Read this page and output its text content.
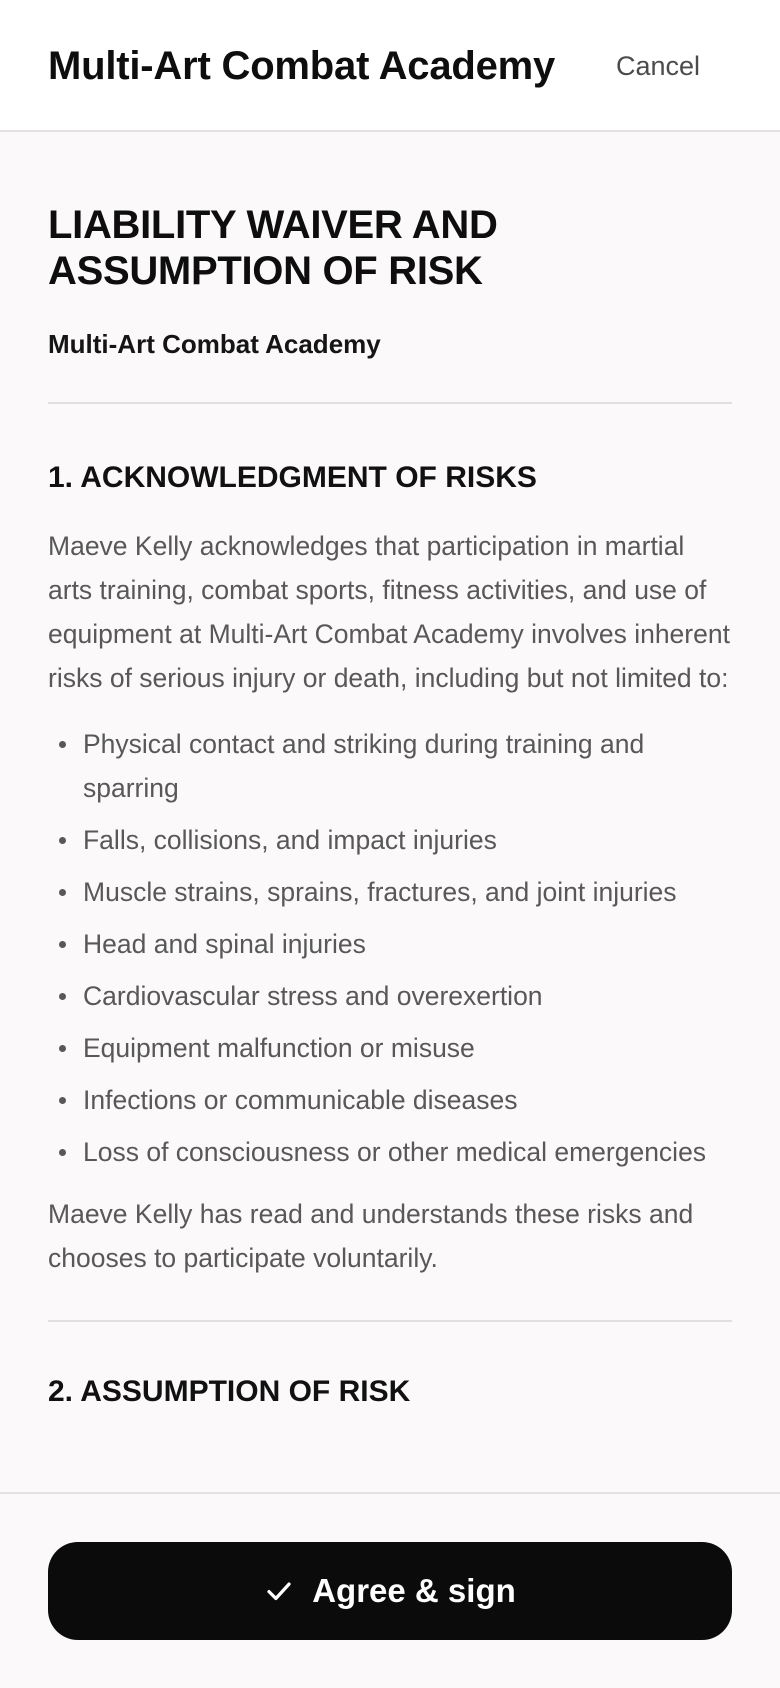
Multi-Art Combat Academy	Cancel
LIABILITY WAIVER AND ASSUMPTION OF RISK
Multi-Art Combat Academy
1. ACKNOWLEDGMENT OF RISKS

Maeve Kelly acknowledges that participation in martial arts training, combat sports, fitness activities, and use of equipment at Multi-Art Combat Academy involves inherent risks of serious injury or death, including but not limited to:

Physical contact and striking during training and sparring
Falls, collisions, and impact injuries
Muscle strains, sprains, fractures, and joint injuries
Head and spinal injuries
Cardiovascular stress and overexertion
Equipment malfunction or misuse
Infections or communicable diseases
Loss of consciousness or other medical emergencies

Maeve Kelly has read and understands these risks and chooses to participate voluntarily.

2. ASSUMPTION OF RISK
Agree & sign
